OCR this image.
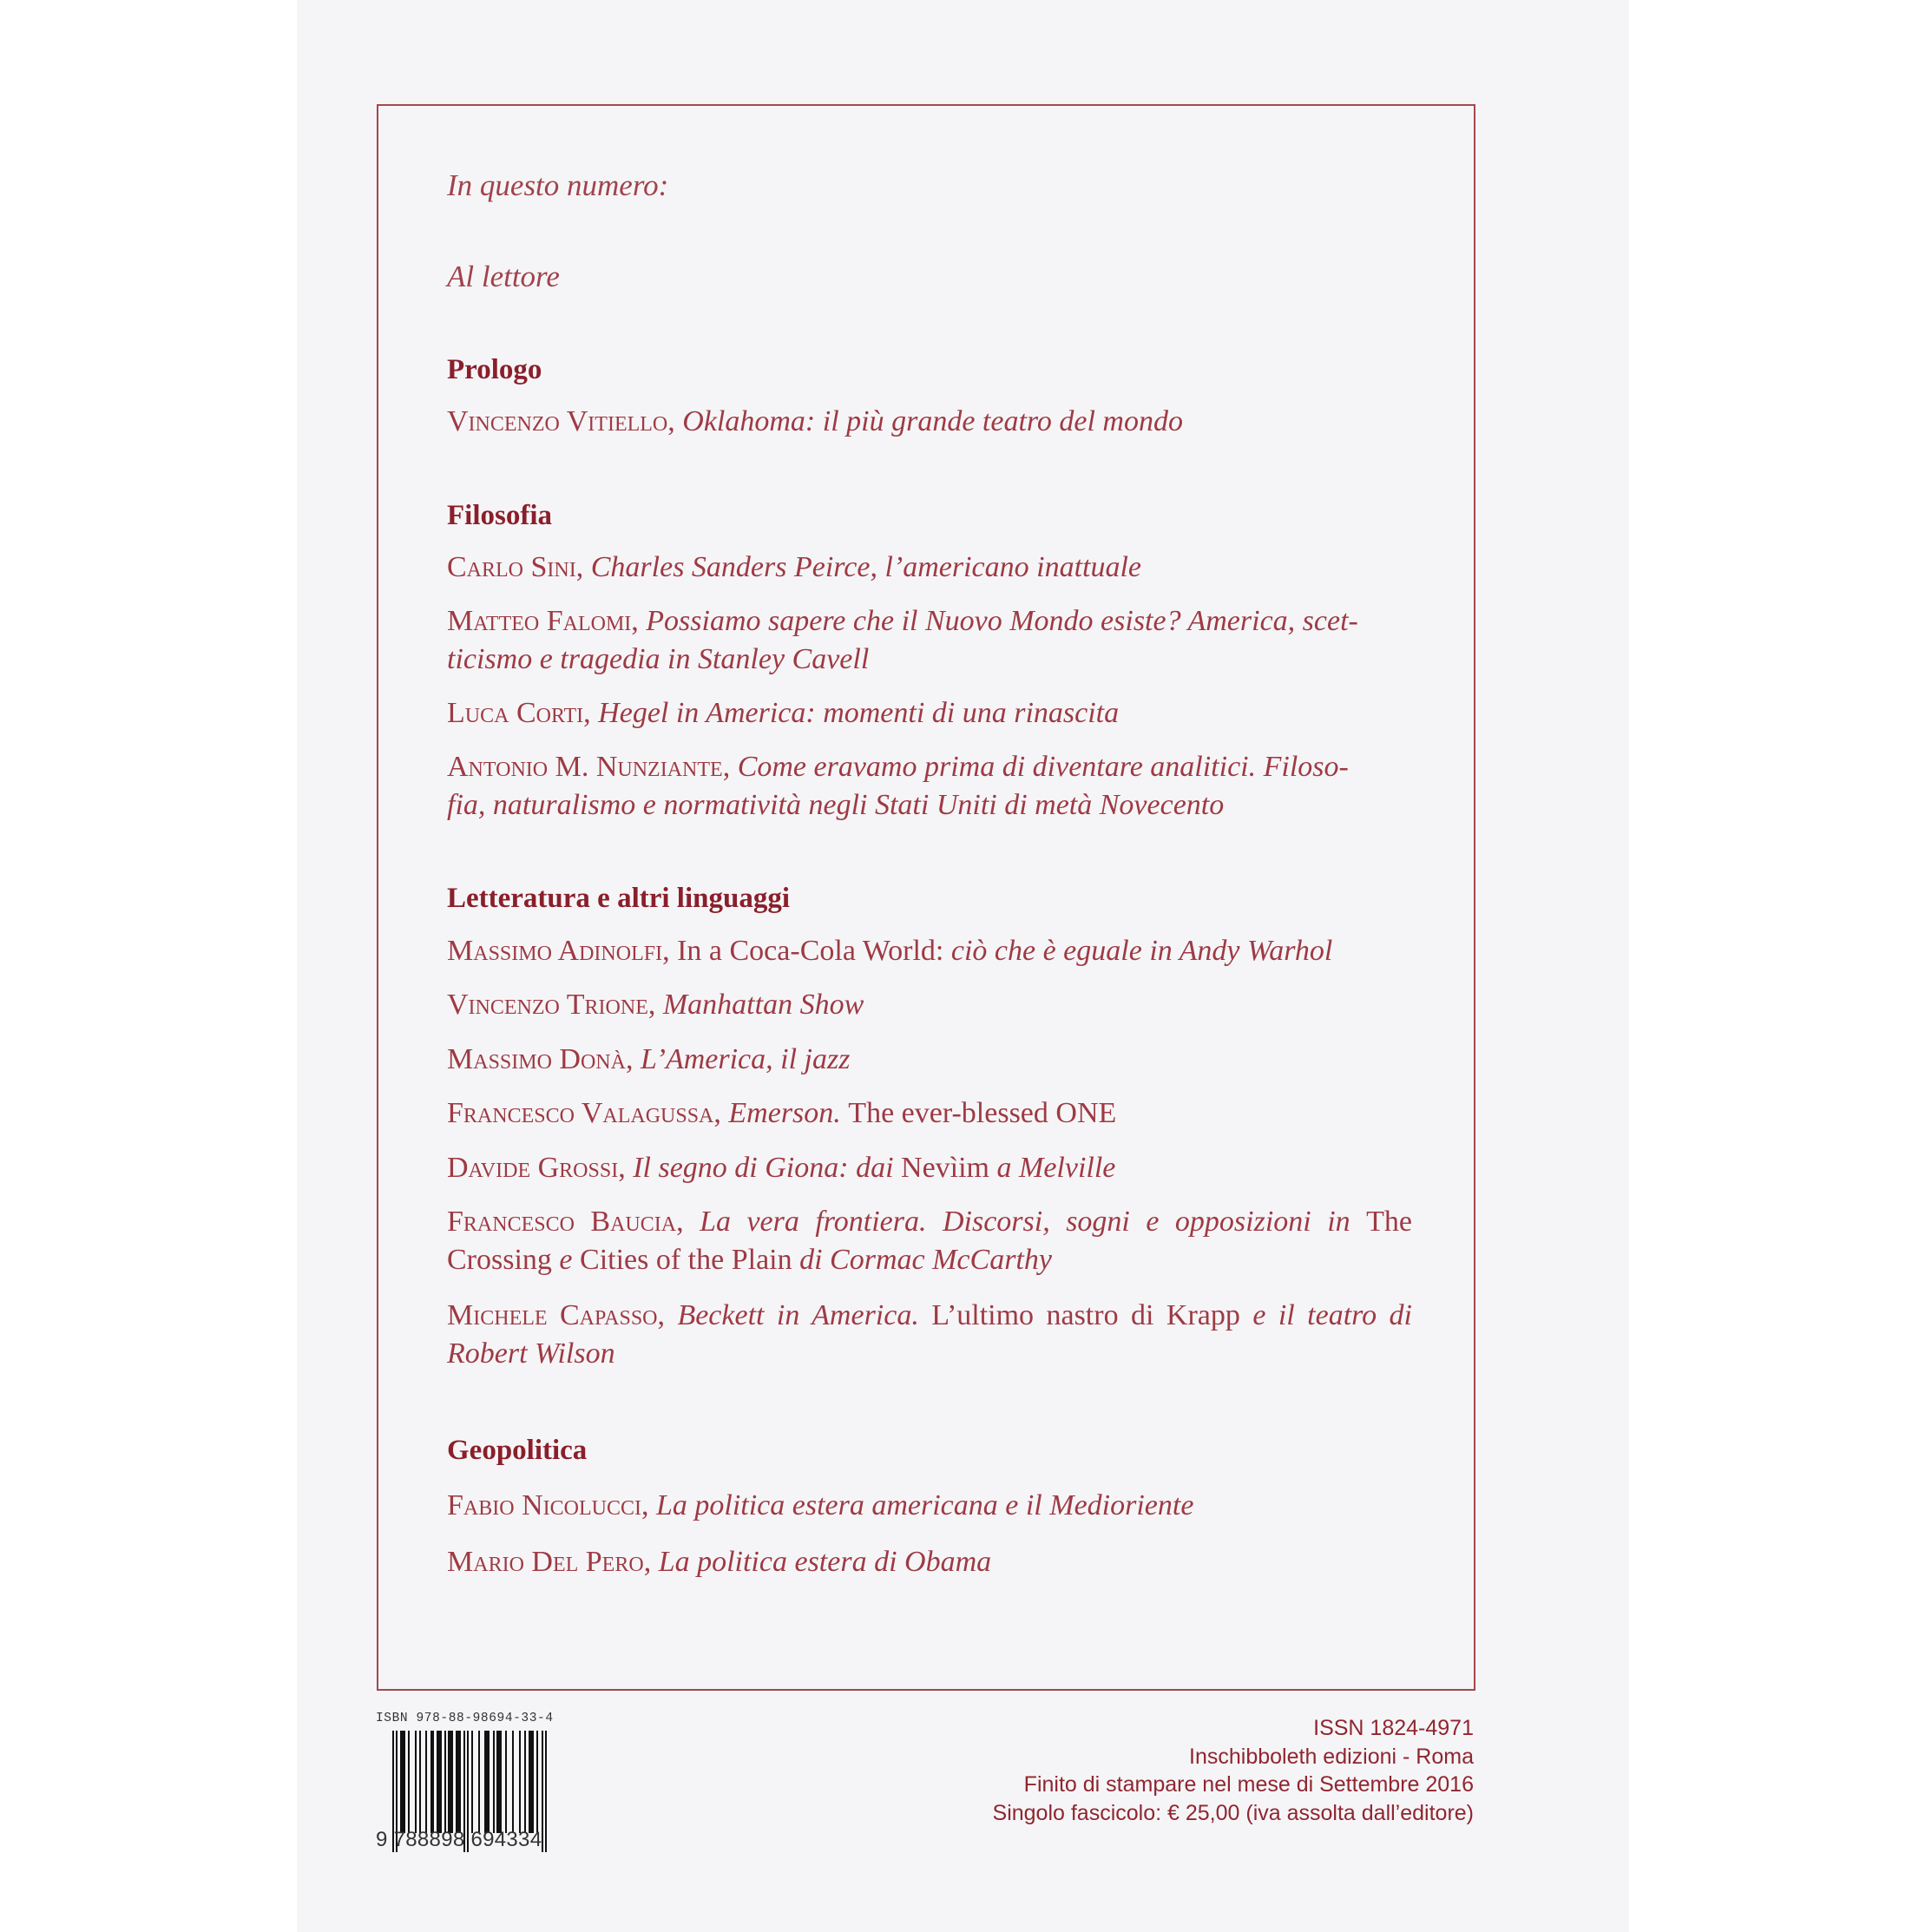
In questo numero:
Al lettore
Prologo
Vincenzo Vitiello, Oklahoma: il più grande teatro del mondo
Filosofia
Carlo Sini, Charles Sanders Peirce, l’americano inattuale
Matteo Falomi, Possiamo sapere che il Nuovo Mondo esiste? America, scet-
ticismo e tragedia in Stanley Cavell
Luca Corti, Hegel in America: momenti di una rinascita
Antonio M. Nunziante, Come eravamo prima di diventare analitici. Filoso-
fia, naturalismo e normatività negli Stati Uniti di metà Novecento
Letteratura e altri linguaggi
Massimo Adinolfi, In a Coca-Cola World: ciò che è eguale in Andy Warhol
Vincenzo Trione, Manhattan Show
Massimo Donà, L’America, il jazz
Francesco Valagussa, Emerson. The ever-blessed ONE
Davide Grossi, Il segno di Giona: dai Nevìim a Melville
Francesco Baucia, La vera frontiera. Discorsi, sogni e opposizioni in The Crossing e Cities of the Plain di Cormac McCarthy
Michele Capasso, Beckett in America. L’ultimo nastro di Krapp e il teatro di Robert Wilson
Geopolitica
Fabio Nicolucci, La politica estera americana e il Medioriente
Mario Del Pero, La politica estera di Obama
ISBN 978-88-98694-33-4
9 788898 694334
ISSN 1824-4971
Inschibboleth edizioni - Roma
Finito di stampare nel mese di Settembre 2016
Singolo fascicolo: € 25,00 (iva assolta dall’editore)
